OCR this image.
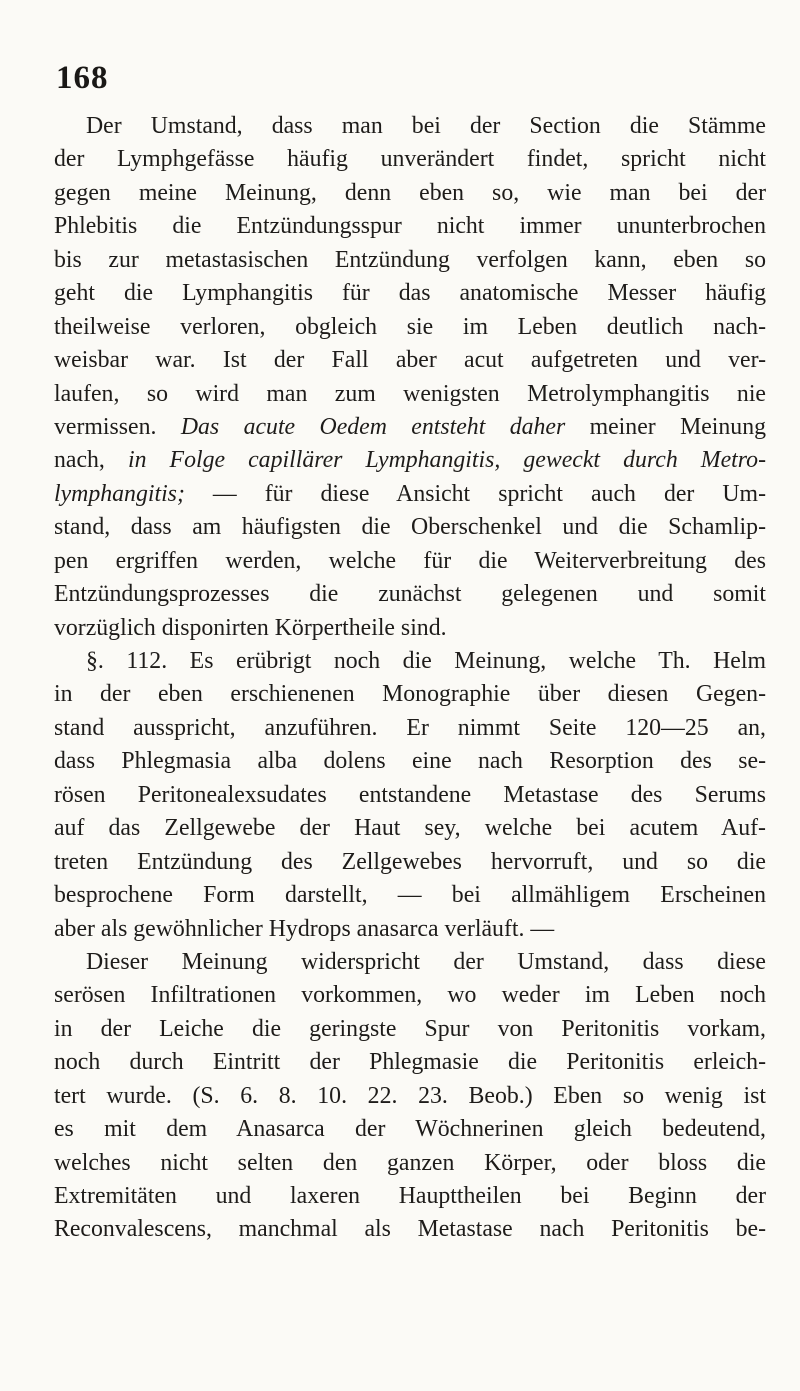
168
Der Umstand, dass man bei der Section die Stämme
der Lymphgefässe häufig unverändert findet, spricht nicht
gegen meine Meinung, denn eben so, wie man bei der
Phlebitis die Entzündungsspur nicht immer ununterbrochen
bis zur metastasischen Entzündung verfolgen kann, eben so
geht die Lymphangitis für das anatomische Messer häufig
theilweise verloren, obgleich sie im Leben deutlich nach-
weisbar war. Ist der Fall aber acut aufgetreten und ver-
laufen, so wird man zum wenigsten Metrolymphangitis nie
vermissen. Das acute Oedem entsteht daher meiner Meinung
nach, in Folge capillärer Lymphangitis, geweckt durch Metro-
lymphangitis; — für diese Ansicht spricht auch der Um-
stand, dass am häufigsten die Oberschenkel und die Schamlip-
pen ergriffen werden, welche für die Weiterverbreitung des
Entzündungsprozesses die zunächst gelegenen und somit
vorzüglich disponirten Körpertheile sind.
§. 112. Es erübrigt noch die Meinung, welche Th. Helm
in der eben erschienenen Monographie über diesen Gegen-
stand ausspricht, anzuführen. Er nimmt Seite 120—25 an,
dass Phlegmasia alba dolens eine nach Resorption des se-
rösen Peritonealexsudates entstandene Metastase des Serums
auf das Zellgewebe der Haut sey, welche bei acutem Auf-
treten Entzündung des Zellgewebes hervorruft, und so die
besprochene Form darstellt, — bei allmähligem Erscheinen
aber als gewöhnlicher Hydrops anasarca verläuft. —
Dieser Meinung widerspricht der Umstand, dass diese
serösen Infiltrationen vorkommen, wo weder im Leben noch
in der Leiche die geringste Spur von Peritonitis vorkam,
noch durch Eintritt der Phlegmasie die Peritonitis erleich-
tert wurde. (S. 6. 8. 10. 22. 23. Beob.) Eben so wenig ist
es mit dem Anasarca der Wöchnerinen gleich bedeutend,
welches nicht selten den ganzen Körper, oder bloss die
Extremitäten und laxeren Haupttheilen bei Beginn der
Reconvalescens, manchmal als Metastase nach Peritonitis be-
